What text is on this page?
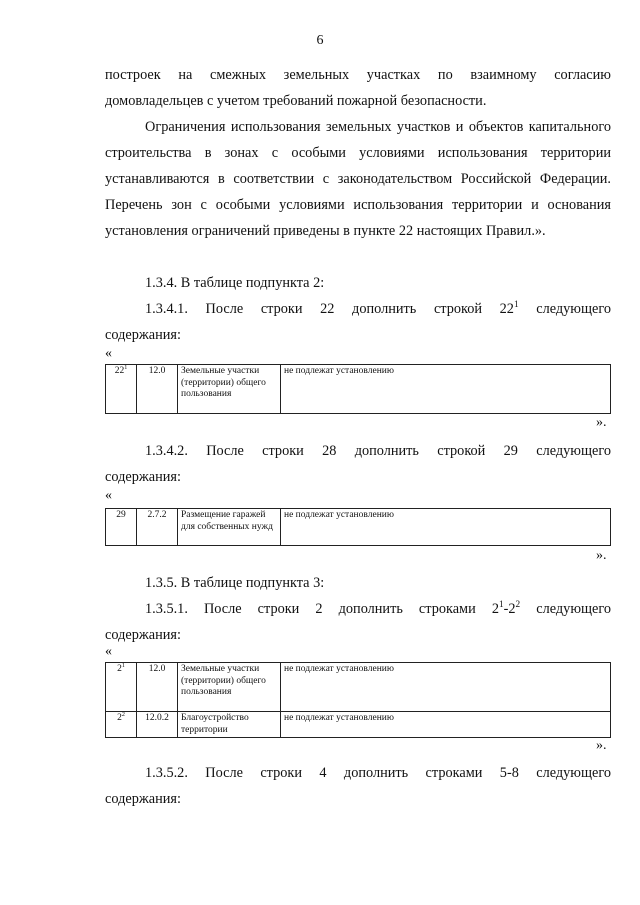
6
построек на смежных земельных участках по взаимному согласию
домовладельцев с учетом требований пожарной безопасности.
Ограничения использования земельных участков и объектов капитального строительства в зонах с особыми условиями использования территории устанавливаются в соответствии с законодательством Российской Федерации. Перечень зон с особыми условиями использования территории и основания установления ограничений приведены в пункте 22 настоящих Правил.».
1.3.4. В таблице подпункта 2:
1.3.4.1. После строки 22 дополнить строкой $22^1$ следующего
содержания:
«
$22^1$	12.0	Земельные участки (территории) общего пользования	не подлежат установлению
».
1.3.4.2. После строки 28 дополнить строкой 29 следующего
содержания:
«
29	2.7.2	Размещение гаражей для собственных нужд	не подлежат установлению
».
1.3.5. В таблице подпункта 3:
1.3.5.1. После строки 2 дополнить строками $2^1-2^2$ следующего
содержания:
«
$2^1$	12.0	Земельные участки (территории) общего пользования	не подлежат установлению
$2^2$	12.0.2	Благоустройство территории	не подлежат установлению
».
1.3.5.2. После строки 4 дополнить строками 5-8 следующего
содержания:
